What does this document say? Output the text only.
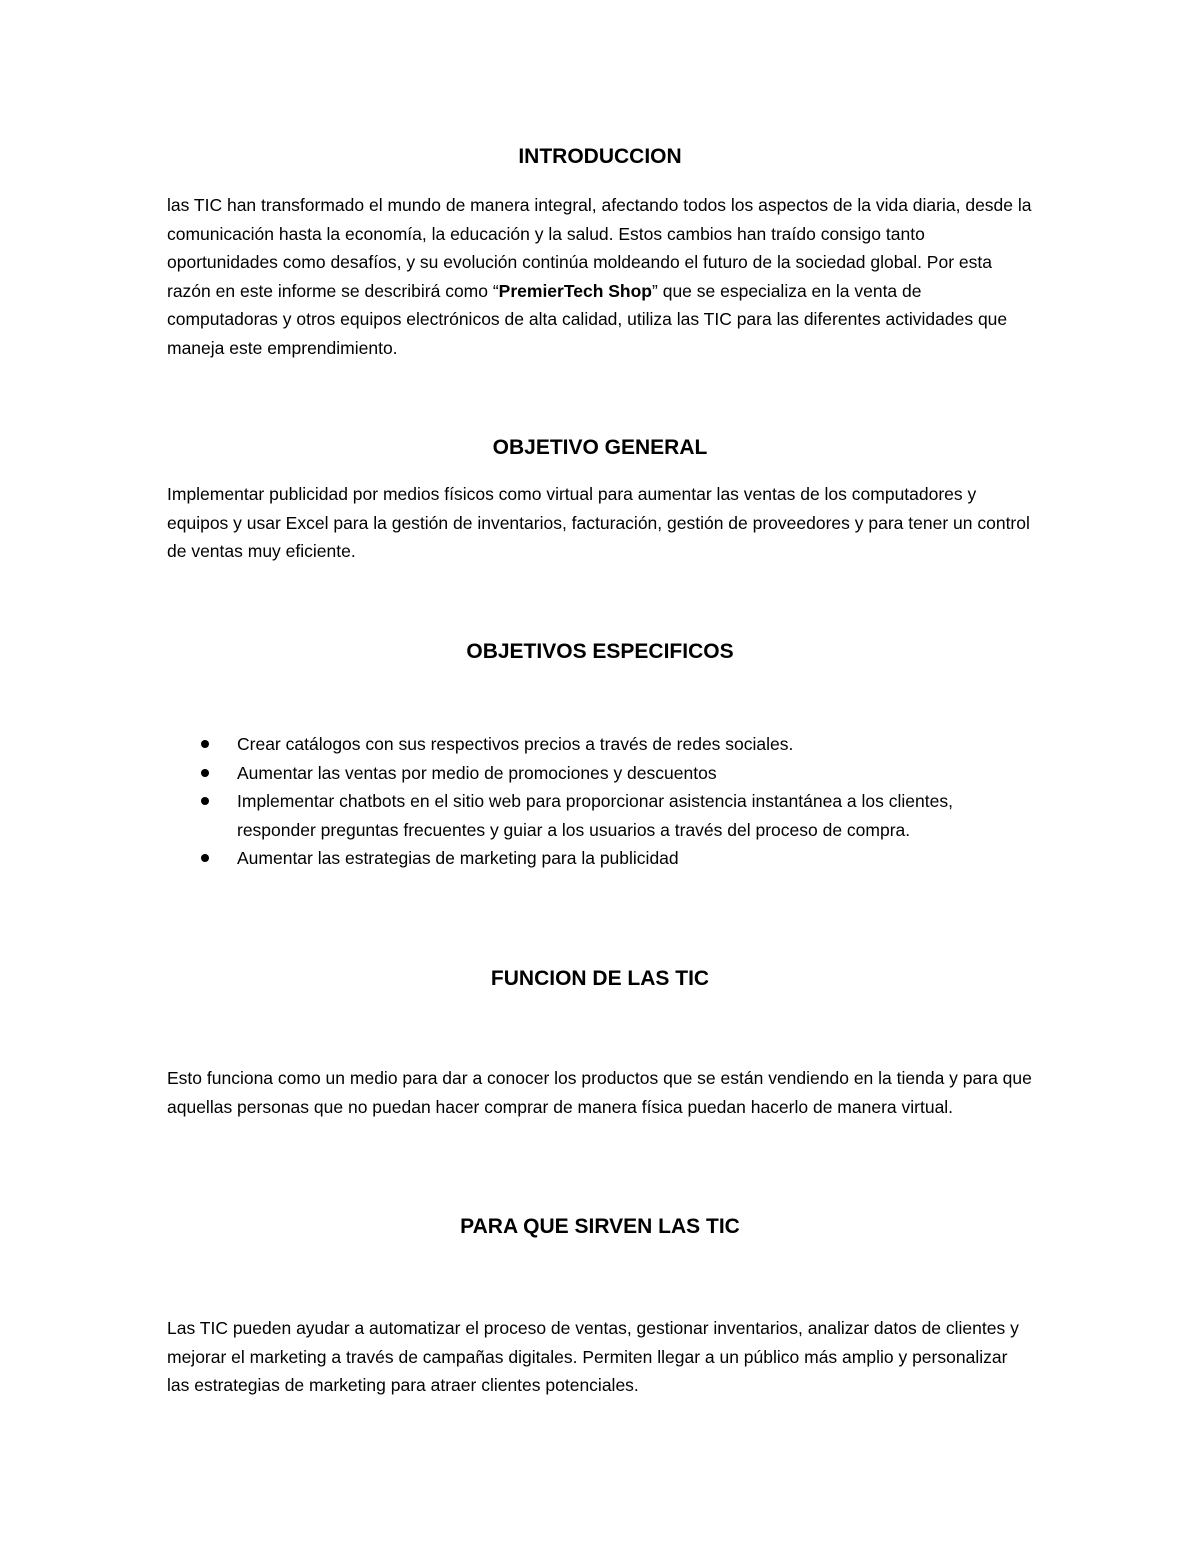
INTRODUCCION

las TIC han transformado el mundo de manera integral, afectando todos los aspectos de la vida diaria, desde la comunicación hasta la economía, la educación y la salud. Estos cambios han traído consigo tanto oportunidades como desafíos, y su evolución continúa moldeando el futuro de la sociedad global. Por esta razón en este informe se describirá como “PremierTech Shop” que se especializa en la venta de computadoras y otros equipos electrónicos de alta calidad, utiliza las TIC para las diferentes actividades que maneja este emprendimiento.

OBJETIVO GENERAL

Implementar publicidad por medios físicos como virtual para aumentar las ventas de los computadores y equipos y usar Excel para la gestión de inventarios, facturación, gestión de proveedores y para tener un control de ventas muy eficiente.

OBJETIVOS ESPECIFICOS
Crear catálogos con sus respectivos precios a través de redes sociales.
Aumentar las ventas por medio de promociones y descuentos
Implementar chatbots en el sitio web para proporcionar asistencia instantánea a los clientes, responder preguntas frecuentes y guiar a los usuarios a través del proceso de compra.
Aumentar las estrategias de marketing para la publicidad
FUNCION DE LAS TIC

Esto funciona como un medio para dar a conocer los productos que se están vendiendo en la tienda y para que aquellas personas que no puedan hacer comprar de manera física puedan hacerlo de manera virtual.

PARA QUE SIRVEN LAS TIC

Las TIC pueden ayudar a automatizar el proceso de ventas, gestionar inventarios, analizar datos de clientes y mejorar el marketing a través de campañas digitales. Permiten llegar a un público más amplio y personalizar las estrategias de marketing para atraer clientes potenciales.
